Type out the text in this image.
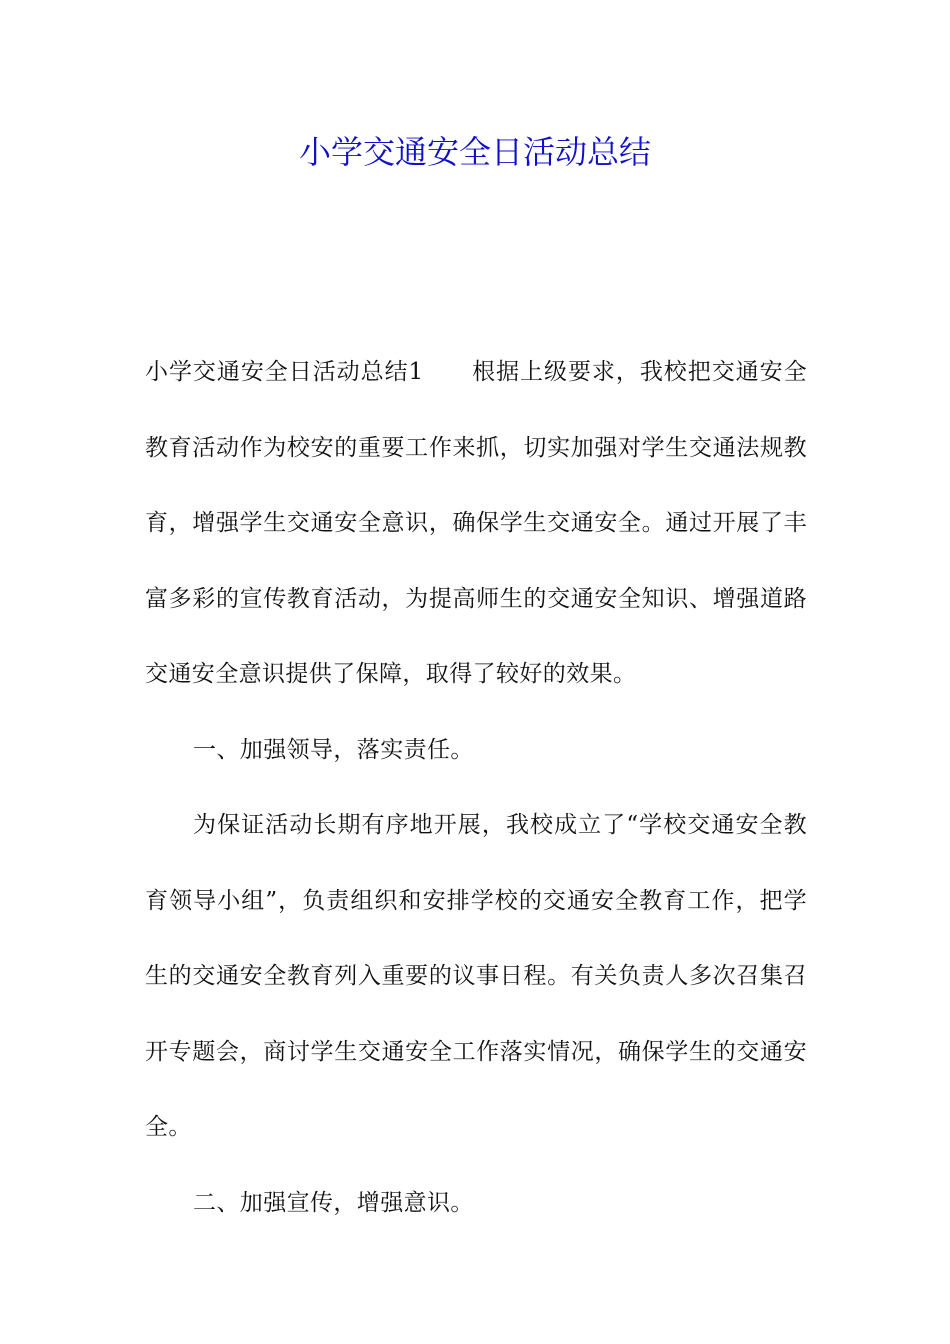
小学交通安全日活动总结

小学交通安全日活动总结1 根据上级要求，我校把交通安全教育活动作为校安的重要工作来抓，切实加强对学生交通法规教育，增强学生交通安全意识，确保学生交通安全。通过开展了丰富多彩的宣传教育活动，为提高师生的交通安全知识、增强道路交通安全意识提供了保障，取得了较好的效果。

一、加强领导，落实责任。

为保证活动长期有序地开展，我校成立了“学校交通安全教育领导小组”，负责组织和安排学校的交通安全教育工作，把学生的交通安全教育列入重要的议事日程。有关负责人多次召集召开专题会，商讨学生交通安全工作落实情况，确保学生的交通安全。

二、加强宣传，增强意识。
